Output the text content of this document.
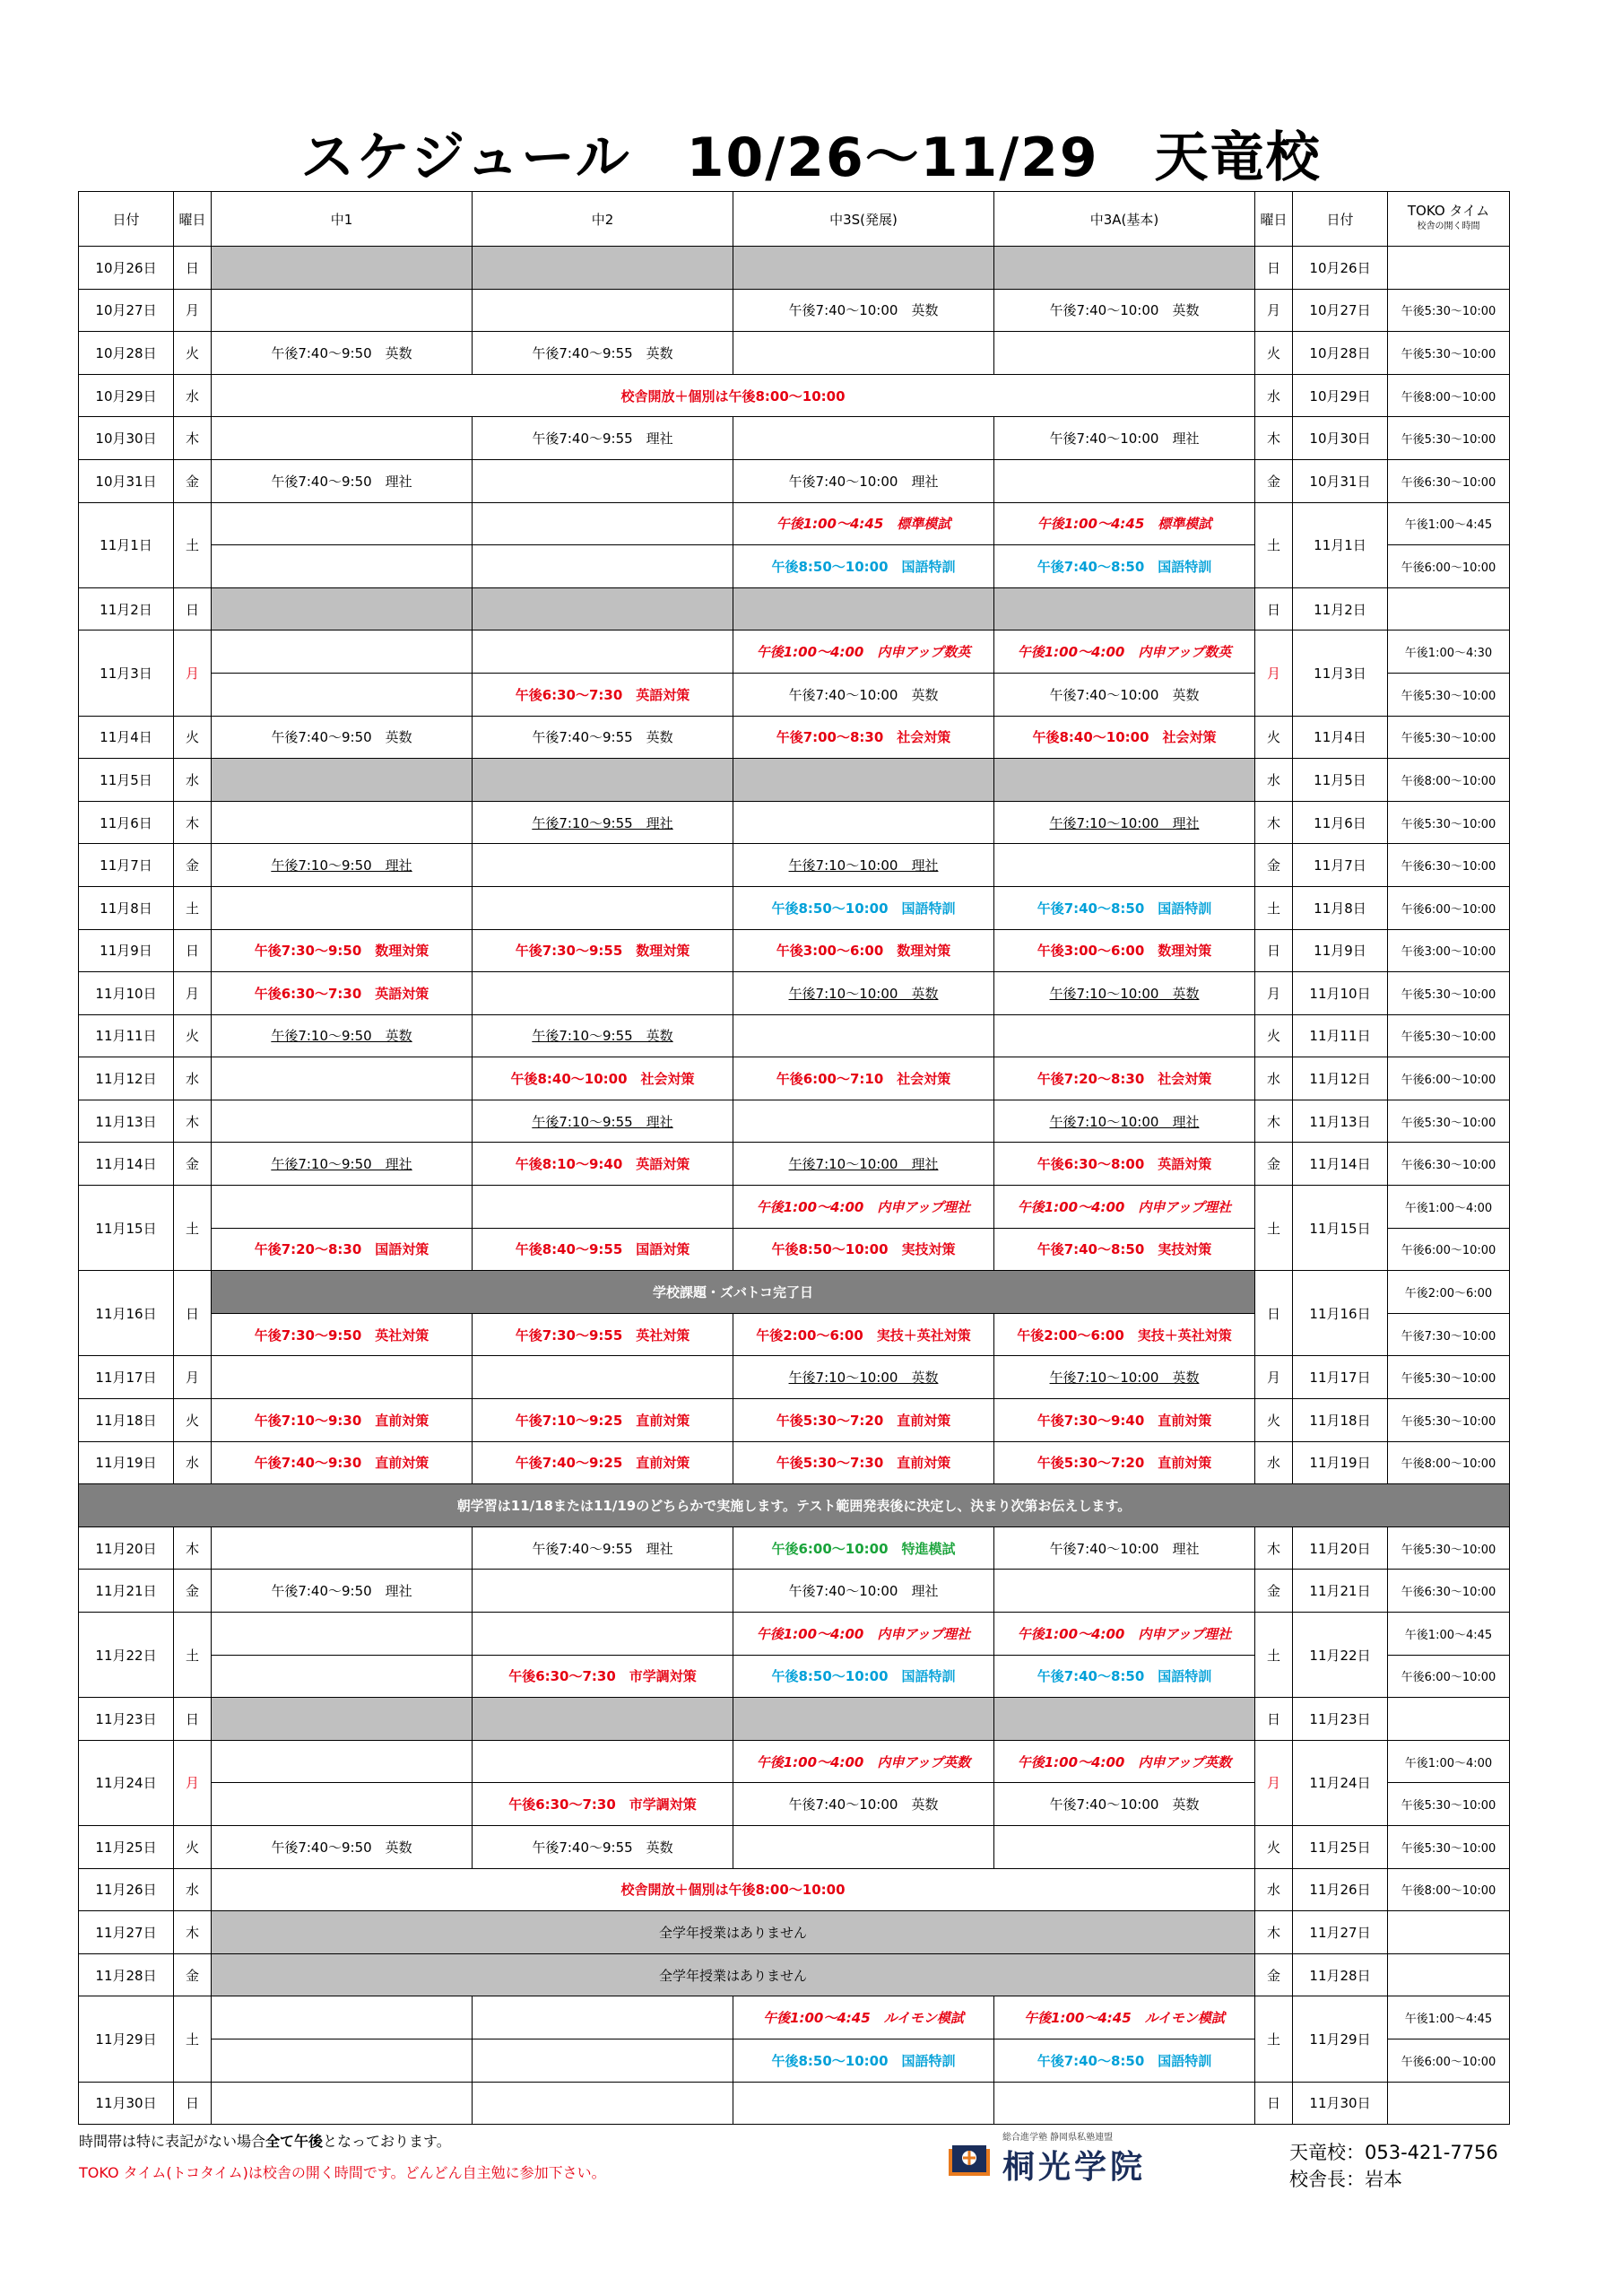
スケジュール　10/26～11/29　天竜校
日付	曜日	中1	中2	中3S(発展)	中3A(基本)	曜日	日付	TOKO タイム
校舎の開く時間

10月26日	日					日	10月26日	
10月27日	月			午後7:40～10:00　英数	午後7:40～10:00　英数	月	10月27日	午後5:30～10:00
10月28日	火	午後7:40～9:50　英数	午後7:40～9:55　英数			火	10月28日	午後5:30～10:00
10月29日	水	校舎開放＋個別は午後8:00～10:00				水	10月29日	午後8:00～10:00
10月30日	木		午後7:40～9:55　理社		午後7:40～10:00　理社	木	10月30日	午後5:30～10:00
10月31日	金	午後7:40～9:50　理社		午後7:40～10:00　理社		金	10月31日	午後6:30～10:00
11月1日	土			午後1:00～4:45　標準模試	午後1:00～4:45　標準模試	土	11月1日	午後1:00～4:45
				午後8:50～10:00　国語特訓	午後7:40～8:50　国語特訓			午後6:00～10:00
11月2日	日					日	11月2日	
11月3日	月			午後1:00～4:00　内申アップ数英	午後1:00～4:00　内申アップ数英	月	11月3日	午後1:00～4:30
			午後6:30～7:30　英語対策	午後7:40～10:00　英数	午後7:40～10:00　英数			午後5:30～10:00
11月4日	火	午後7:40～9:50　英数	午後7:40～9:55　英数	午後7:00～8:30　社会対策	午後8:40～10:00　社会対策	火	11月4日	午後5:30～10:00
11月5日	水					水	11月5日	午後8:00～10:00
11月6日	木		午後7:10～9:55　理社		午後7:10～10:00　理社	木	11月6日	午後5:30～10:00
11月7日	金	午後7:10～9:50　理社		午後7:10～10:00　理社		金	11月7日	午後6:30～10:00
11月8日	土			午後8:50～10:00　国語特訓	午後7:40～8:50　国語特訓	土	11月8日	午後6:00～10:00
11月9日	日	午後7:30～9:50　数理対策	午後7:30～9:55　数理対策	午後3:00～6:00　数理対策	午後3:00～6:00　数理対策	日	11月9日	午後3:00～10:00
11月10日	月	午後6:30～7:30　英語対策		午後7:10～10:00　英数	午後7:10～10:00　英数	月	11月10日	午後5:30～10:00
11月11日	火	午後7:10～9:50　英数	午後7:10～9:55　英数			火	11月11日	午後5:30～10:00
11月12日	水		午後8:40～10:00　社会対策	午後6:00～7:10　社会対策	午後7:20～8:30　社会対策	水	11月12日	午後6:00～10:00
11月13日	木		午後7:10～9:55　理社		午後7:10～10:00　理社	木	11月13日	午後5:30～10:00
11月14日	金	午後7:10～9:50　理社	午後8:10～9:40　英語対策	午後7:10～10:00　理社	午後6:30～8:00　英語対策	金	11月14日	午後6:30～10:00
11月15日	土			午後1:00～4:00　内申アップ理社	午後1:00～4:00　内申アップ理社	土	11月15日	午後1:00～4:00
		午後7:20～8:30　国語対策	午後8:40～9:55　国語対策	午後8:50～10:00　実技対策	午後7:40～8:50　実技対策			午後6:00～10:00
11月16日	日	学校課題・ズバトコ完了日				日	11月16日	午後2:00～6:00
		午後7:30～9:50　英社対策	午後7:30～9:55　英社対策	午後2:00～6:00　実技＋英社対策	午後2:00～6:00　実技＋英社対策			午後7:30～10:00
11月17日	月			午後7:10～10:00　英数	午後7:10～10:00　英数	月	11月17日	午後5:30～10:00
11月18日	火	午後7:10～9:30　直前対策	午後7:10～9:25　直前対策	午後5:30～7:20　直前対策	午後7:30～9:40　直前対策	火	11月18日	午後5:30～10:00
11月19日	水	午後7:40～9:30　直前対策	午後7:40～9:25　直前対策	午後5:30～7:30　直前対策	午後5:30～7:20　直前対策	水	11月19日	午後8:00～10:00
朝学習は11/18または11/19のどちらかで実施します。テスト範囲発表後に決定し、決まり次第お伝えします。								
11月20日	木		午後7:40～9:55　理社	午後6:00～10:00　特進模試	午後7:40～10:00　理社	木	11月20日	午後5:30～10:00
11月21日	金	午後7:40～9:50　理社		午後7:40～10:00　理社		金	11月21日	午後6:30～10:00
11月22日	土			午後1:00～4:00　内申アップ理社	午後1:00～4:00　内申アップ理社	土	11月22日	午後1:00～4:45
			午後6:30～7:30　市学調対策	午後8:50～10:00　国語特訓	午後7:40～8:50　国語特訓			午後6:00～10:00
11月23日	日					日	11月23日	
11月24日	月			午後1:00～4:00　内申アップ英数	午後1:00～4:00　内申アップ英数	月	11月24日	午後1:00～4:00
			午後6:30～7:30　市学調対策	午後7:40～10:00　英数	午後7:40～10:00　英数			午後5:30～10:00
11月25日	火	午後7:40～9:50　英数	午後7:40～9:55　英数			火	11月25日	午後5:30～10:00
11月26日	水	校舎開放＋個別は午後8:00～10:00				水	11月26日	午後8:00～10:00
11月27日	木	全学年授業はありません				木	11月27日	
11月28日	金	全学年授業はありません				金	11月28日	
11月29日	土			午後1:00～4:45　ルイモン模試	午後1:00～4:45　ルイモン模試	土	11月29日	午後1:00～4:45
				午後8:50～10:00　国語特訓	午後7:40～8:50　国語特訓			午後6:00～10:00
11月30日	日					日	11月30日	
時間帯は特に表記がない場合全て午後となっております。
TOKO タイム(トコタイム)は校舎の開く時間です。どんどん自主勉に参加下さい。
総合進学塾 静岡県私塾連盟
桐光学院	天竜校：053-421-7756
校舎長：岩本
